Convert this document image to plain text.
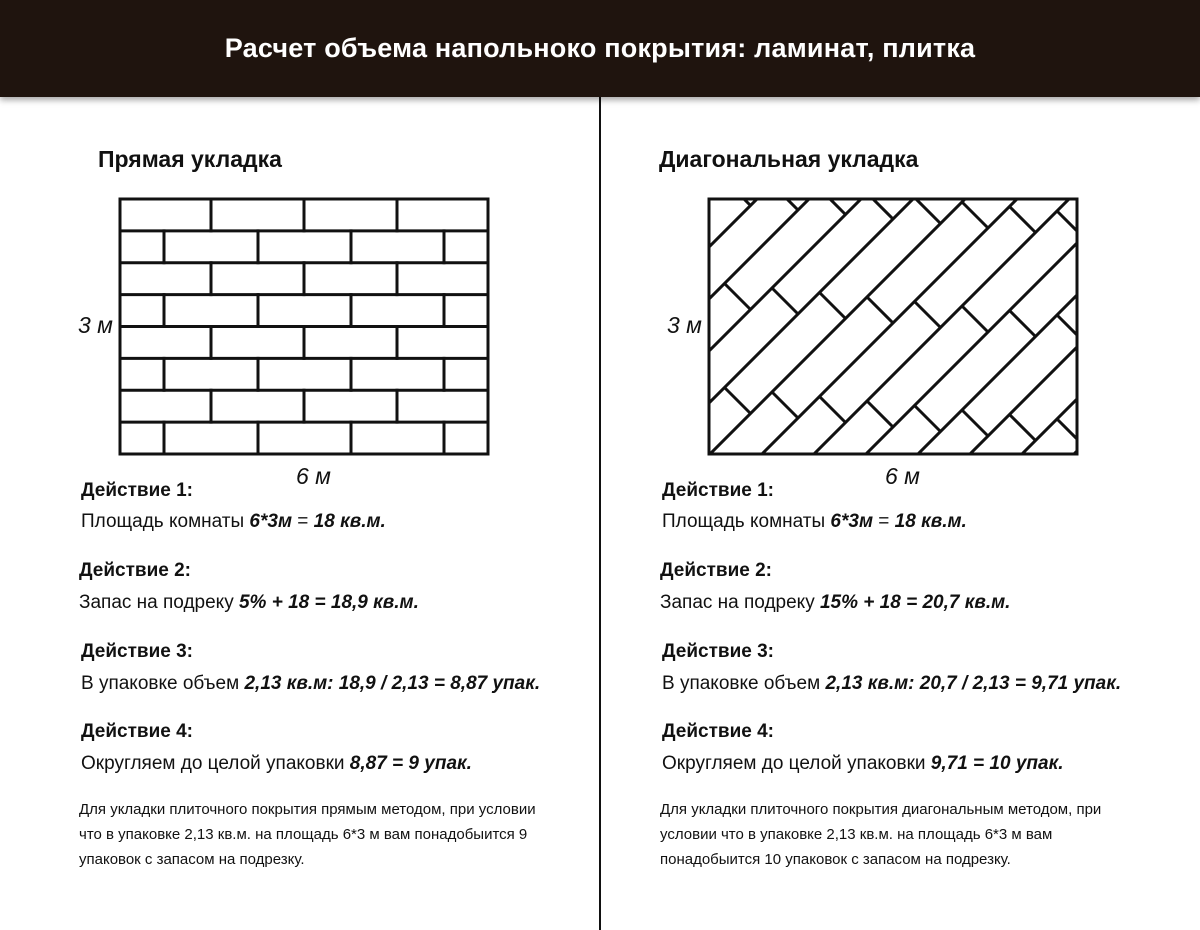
Расчет объема напольноко покрытия: ламинат, плитка
Прямая укладка
3 м
6 м

Действие 1:

Площадь комнаты 6*3м = 18 кв.м.

Действие 2:

Запас на подреку 5% + 18 = 18,9 кв.м.

Действие 3:

В упаковке объем 2,13 кв.м: 18,9 / 2,13 = 8,87 упак.

Действие 4:

Округляем до целой упаковки 8,87 = 9 упак.

Для укладки плиточного покрытия прямым методом, при условии что в упаковке 2,13 кв.м. на площадь 6*3 м вам понадобыится 9 упаковок с запасом на подрезку.

Диагональная укладка
3 м
6 м

Действие 1:

Площадь комнаты 6*3м = 18 кв.м.

Действие 2:

Запас на подреку 15% + 18 = 20,7 кв.м.

Действие 3:

В упаковке объем 2,13 кв.м: 20,7 / 2,13 = 9,71 упак.

Действие 4:

Округляем до целой упаковки 9,71 = 10 упак.

Для укладки плиточного покрытия диагональным методом, при условии что в упаковке 2,13 кв.м. на площадь 6*3 м вам понадобыится 10 упаковок с запасом на подрезку.
